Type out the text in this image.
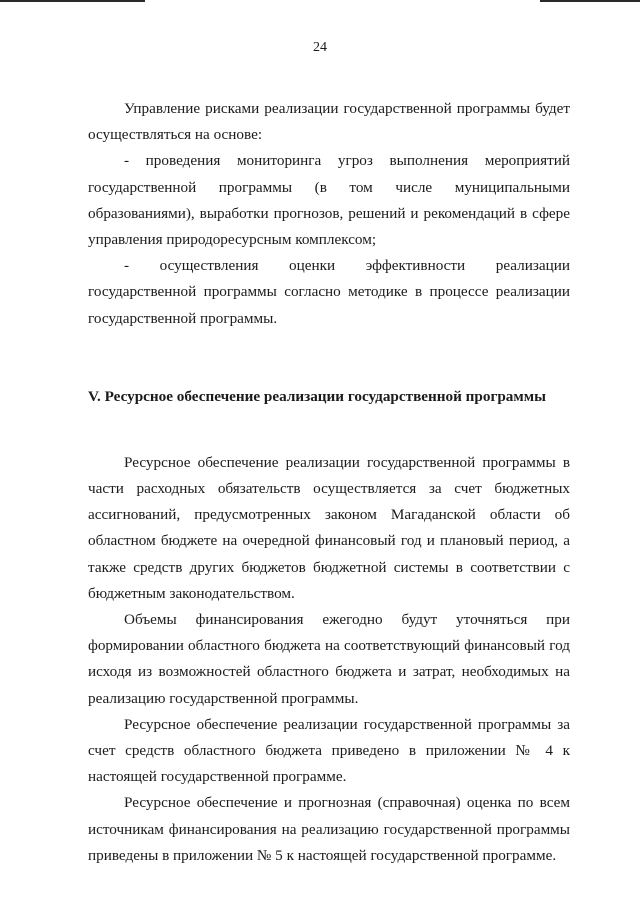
24

Управление рисками реализации государственной программы будет осуществляться на основе:

- проведения мониторинга угроз выполнения мероприятий государственной программы (в том числе муниципальными образованиями), выработки прогнозов, решений и рекомендаций в сфере управления природоресурсным комплексом;

- осуществления оценки эффективности реализации государственной программы согласно методике в процессе реализации государственной программы.

V. Ресурсное обеспечение реализации государственной программы

Ресурсное обеспечение реализации государственной программы в части расходных обязательств осуществляется за счет бюджетных ассигнований, предусмотренных законом Магаданской области об областном бюджете на очередной финансовый год и плановый период, а также средств других бюджетов бюджетной системы в соответствии с бюджетным законодательством.

Объемы финансирования ежегодно будут уточняться при формировании областного бюджета на соответствующий финансовый год исходя из возможностей областного бюджета и затрат, необходимых на реализацию государственной программы.

Ресурсное обеспечение реализации государственной программы за счет средств областного бюджета приведено в приложении № 4 к настоящей государственной программе.

Ресурсное обеспечение и прогнозная (справочная) оценка по всем источникам финансирования на реализацию государственной программы приведены в приложении № 5 к настоящей государственной программе.
